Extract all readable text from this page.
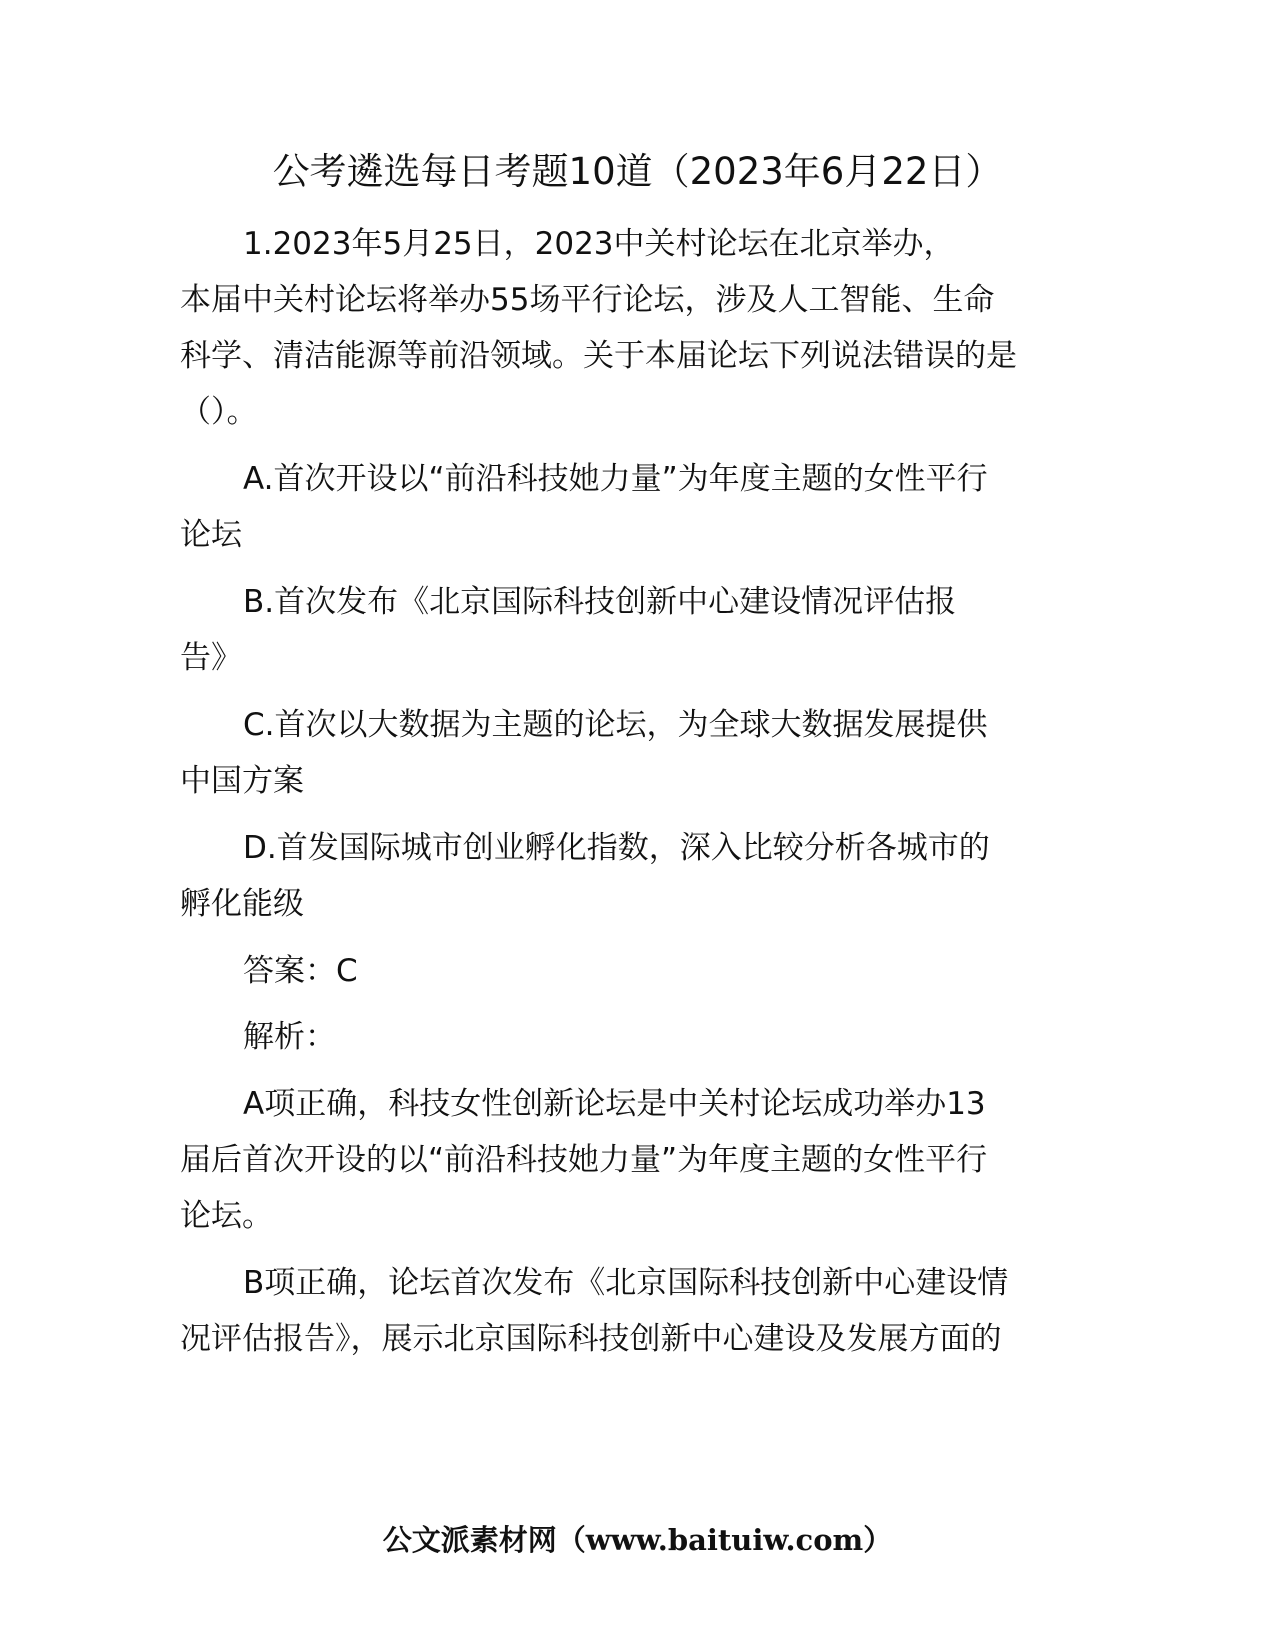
公考遴选每日考题10道（2023年6月22日）
1.2023年5月25日，2023中关村论坛在北京举办，
本届中关村论坛将举办55场平行论坛，涉及人工智能、生命
科学、清洁能源等前沿领域。关于本届论坛下列说法错误的是
（）。
A.首次开设以“前沿科技她力量”为年度主题的女性平行
论坛
B.首次发布《北京国际科技创新中心建设情况评估报
告》
C.首次以大数据为主题的论坛，为全球大数据发展提供
中国方案
D.首发国际城市创业孵化指数，深入比较分析各城市的
孵化能级
答案：C
解析：
A项正确，科技女性创新论坛是中关村论坛成功举办13
届后首次开设的以“前沿科技她力量”为年度主题的女性平行
论坛。
B项正确，论坛首次发布《北京国际科技创新中心建设情
况评估报告》，展示北京国际科技创新中心建设及发展方面的
公文派素材网（www.baituiw.com）
